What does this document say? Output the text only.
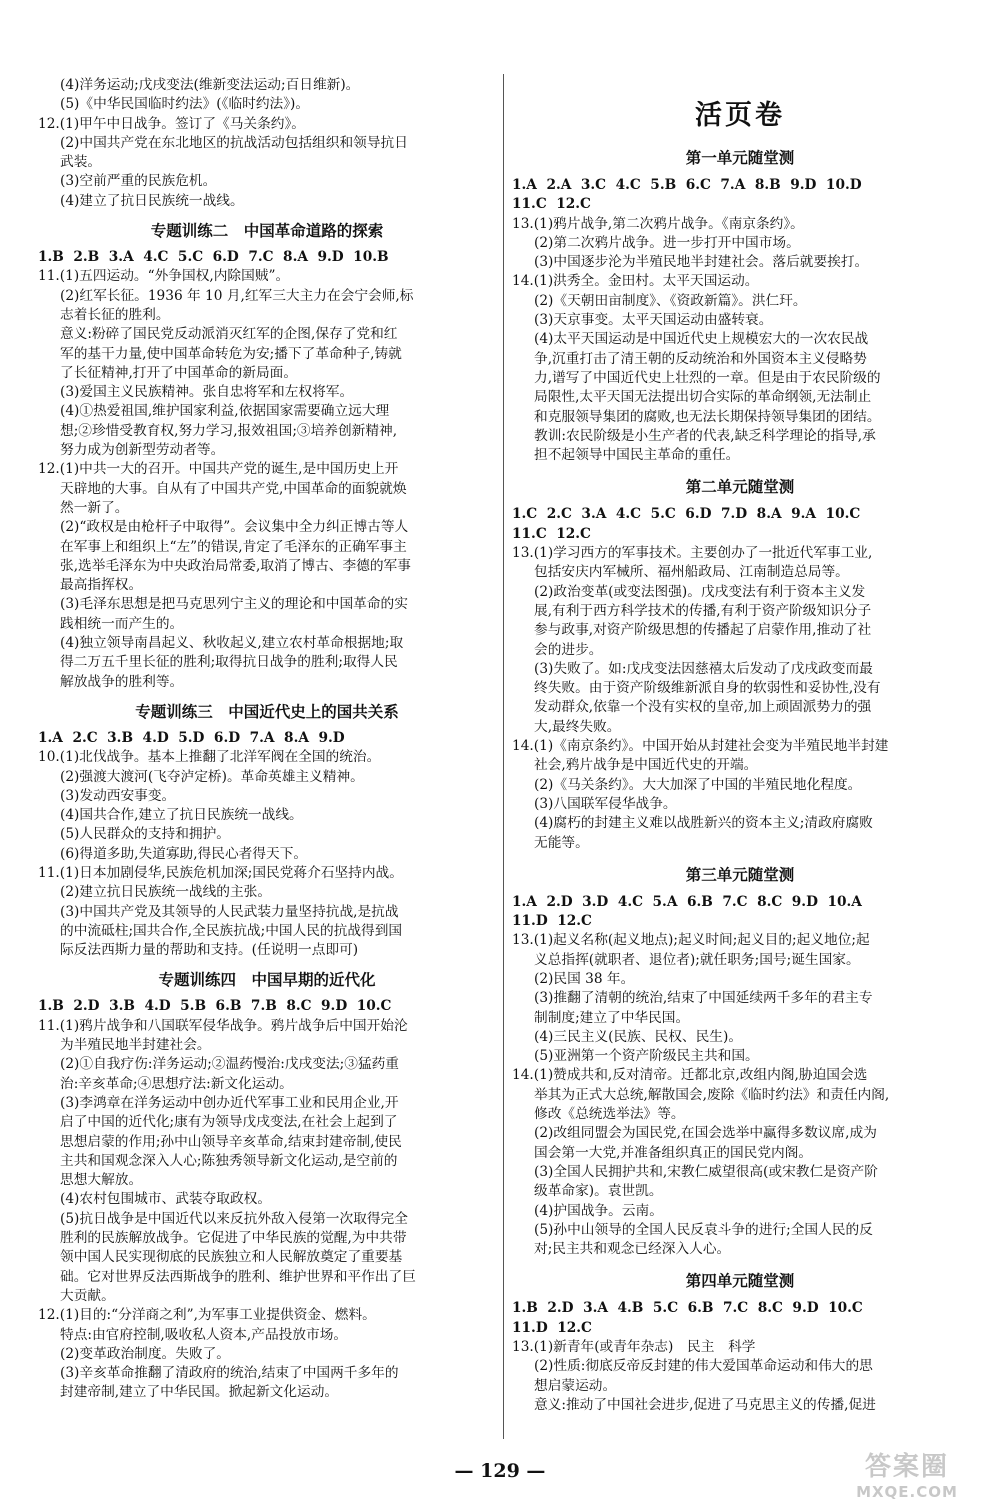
(4)洋务运动;戊戌变法(维新变法运动;百日维新)。
(5)《中华民国临时约法》(《临时约法》)。
12.(1)甲午中日战争。签订了《马关条约》。
(2)中国共产党在东北地区的抗战活动包括组织和领导抗日
武装。
(3)空前严重的民族危机。
(4)建立了抗日民族统一战线。
专题训练二　中国革命道路的探索
1.B  2.B  3.A  4.C  5.C  6.D  7.C  8.A  9.D  10.B
11.(1)五四运动。“外争国权,内除国贼”。
(2)红军长征。1936 年 10 月,红军三大主力在会宁会师,标
志着长征的胜利。
意义:粉碎了国民党反动派消灭红军的企图,保存了党和红
军的基干力量,使中国革命转危为安;播下了革命种子,铸就
了长征精神,打开了中国革命的新局面。
(3)爱国主义民族精神。张自忠将军和左权将军。
(4)①热爱祖国,维护国家利益,依据国家需要确立远大理
想;②珍惜受教育权,努力学习,报效祖国;③培养创新精神,
努力成为创新型劳动者等。
12.(1)中共一大的召开。中国共产党的诞生,是中国历史上开
天辟地的大事。自从有了中国共产党,中国革命的面貌就焕
然一新了。
(2)“政权是由枪杆子中取得”。会议集中全力纠正博古等人
在军事上和组织上“左”的错误,肯定了毛泽东的正确军事主
张,选举毛泽东为中央政治局常委,取消了博古、李德的军事
最高指挥权。
(3)毛泽东思想是把马克思列宁主义的理论和中国革命的实
践相统一而产生的。
(4)独立领导南昌起义、秋收起义,建立农村革命根据地;取
得二万五千里长征的胜利;取得抗日战争的胜利;取得人民
解放战争的胜利等。
专题训练三　中国近代史上的国共关系
1.A  2.C  3.B  4.D  5.D  6.D  7.A  8.A  9.D
10.(1)北伐战争。基本上推翻了北洋军阀在全国的统治。
(2)强渡大渡河(飞夺泸定桥)。革命英雄主义精神。
(3)发动西安事变。
(4)国共合作,建立了抗日民族统一战线。
(5)人民群众的支持和拥护。
(6)得道多助,失道寡助,得民心者得天下。
11.(1)日本加剧侵华,民族危机加深;国民党蒋介石坚持内战。
(2)建立抗日民族统一战线的主张。
(3)中国共产党及其领导的人民武装力量坚持抗战,是抗战
的中流砥柱;国共合作,全民族抗战;中国人民的抗战得到国
际反法西斯力量的帮助和支持。(任说明一点即可)
专题训练四　中国早期的近代化
1.B  2.D  3.B  4.D  5.B  6.B  7.B  8.C  9.D  10.C
11.(1)鸦片战争和八国联军侵华战争。鸦片战争后中国开始沦
为半殖民地半封建社会。
(2)①自我疗伤:洋务运动;②温药慢治:戊戌变法;③猛药重
治:辛亥革命;④思想疗法:新文化运动。
(3)李鸿章在洋务运动中创办近代军事工业和民用企业,开
启了中国的近代化;康有为领导戊戌变法,在社会上起到了
思想启蒙的作用;孙中山领导辛亥革命,结束封建帝制,使民
主共和国观念深入人心;陈独秀领导新文化运动,是空前的
思想大解放。
(4)农村包围城市、武装夺取政权。
(5)抗日战争是中国近代以来反抗外敌入侵第一次取得完全
胜利的民族解放战争。它促进了中华民族的觉醒,为中共带
领中国人民实现彻底的民族独立和人民解放奠定了重要基
础。它对世界反法西斯战争的胜利、维护世界和平作出了巨
大贡献。
12.(1)目的:“分洋商之利”,为军事工业提供资金、燃料。
特点:由官府控制,吸收私人资本,产品投放市场。
(2)变革政治制度。失败了。
(3)辛亥革命推翻了清政府的统治,结束了中国两千多年的
封建帝制,建立了中华民国。掀起新文化运动。
活页卷
第一单元随堂测
1.A  2.A  3.C  4.C  5.B  6.C  7.A  8.B  9.D  10.D
11.C  12.C
13.(1)鸦片战争,第二次鸦片战争。《南京条约》。
(2)第二次鸦片战争。进一步打开中国市场。
(3)中国逐步沦为半殖民地半封建社会。落后就要挨打。
14.(1)洪秀全。金田村。太平天国运动。
(2)《天朝田亩制度》、《资政新篇》。洪仁玕。
(3)天京事变。太平天国运动由盛转衰。
(4)太平天国运动是中国近代史上规模宏大的一次农民战
争,沉重打击了清王朝的反动统治和外国资本主义侵略势
力,谱写了中国近代史上壮烈的一章。但是由于农民阶级的
局限性,太平天国无法提出切合实际的革命纲领,无法制止
和克服领导集团的腐败,也无法长期保持领导集团的团结。
教训:农民阶级是小生产者的代表,缺乏科学理论的指导,承
担不起领导中国民主革命的重任。
第二单元随堂测
1.C  2.C  3.A  4.C  5.C  6.D  7.D  8.A  9.A  10.C
11.C  12.C
13.(1)学习西方的军事技术。主要创办了一批近代军事工业,
包括安庆内军械所、福州船政局、江南制造总局等。
(2)政治变革(或变法图强)。戊戌变法有利于资本主义发
展,有利于西方科学技术的传播,有利于资产阶级知识分子
参与政事,对资产阶级思想的传播起了启蒙作用,推动了社
会的进步。
(3)失败了。如:戊戌变法因慈禧太后发动了戊戌政变而最
终失败。由于资产阶级维新派自身的软弱性和妥协性,没有
发动群众,依靠一个没有实权的皇帝,加上顽固派势力的强
大,最终失败。
14.(1)《南京条约》。中国开始从封建社会变为半殖民地半封建
社会,鸦片战争是中国近代史的开端。
(2)《马关条约》。大大加深了中国的半殖民地化程度。
(3)八国联军侵华战争。
(4)腐朽的封建主义难以战胜新兴的资本主义;清政府腐败
无能等。
第三单元随堂测
1.A  2.D  3.D  4.C  5.A  6.B  7.C  8.C  9.D  10.A
11.D  12.C
13.(1)起义名称(起义地点);起义时间;起义目的;起义地位;起
义总指挥(就职者、退位者);就任职务;国号;诞生国家。
(2)民国 38 年。
(3)推翻了清朝的统治,结束了中国延续两千多年的君主专
制制度;建立了中华民国。
(4)三民主义(民族、民权、民生)。
(5)亚洲第一个资产阶级民主共和国。
14.(1)赞成共和,反对清帝。迁都北京,改组内阁,胁迫国会选
举其为正式大总统,解散国会,废除《临时约法》和责任内阁,
修改《总统选举法》等。
(2)改组同盟会为国民党,在国会选举中赢得多数议席,成为
国会第一大党,并准备组织真正的国民党内阁。
(3)全国人民拥护共和,宋教仁威望很高(或宋教仁是资产阶
级革命家)。袁世凯。
(4)护国战争。云南。
(5)孙中山领导的全国人民反袁斗争的进行;全国人民的反
对;民主共和观念已经深入人心。
第四单元随堂测
1.B  2.D  3.A  4.B  5.C  6.B  7.C  8.C  9.D  10.C
11.D  12.C
13.(1)新青年(或青年杂志)　民主　科学
(2)性质:彻底反帝反封建的伟大爱国革命运动和伟大的思
想启蒙运动。
意义:推动了中国社会进步,促进了马克思主义的传播,促进
— 129 —	答案圈
MXQE.COM
